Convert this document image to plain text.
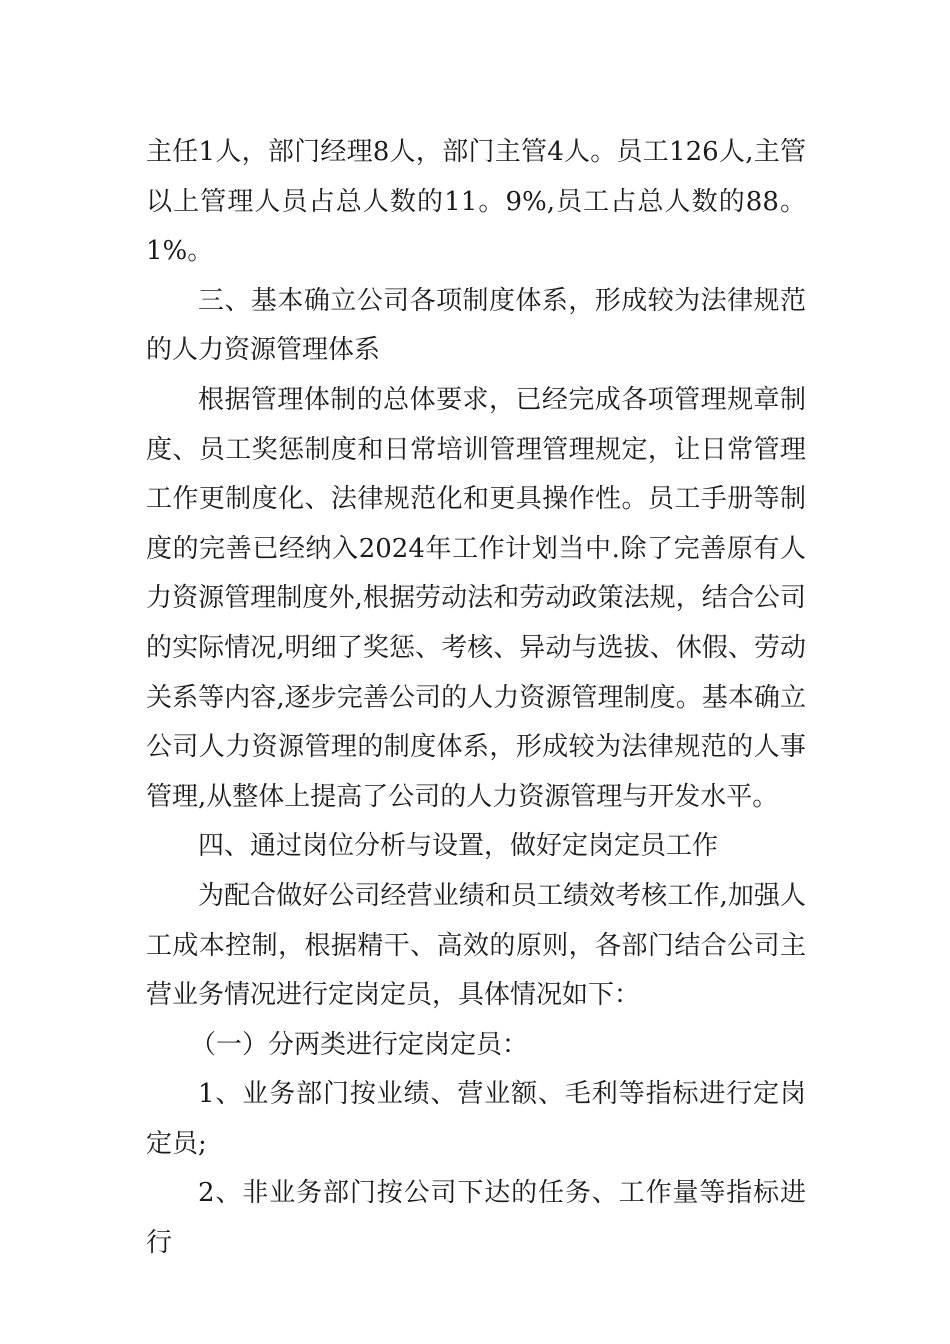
主任1人，部门经理8人，部门主管4人。员工126人,主管以上管理人员占总人数的11。9%,员工占总人数的88。1%。

三、基本确立公司各项制度体系，形成较为法律规范的人力资源管理体系

根据管理体制的总体要求，已经完成各项管理规章制度、员工奖惩制度和日常培训管理管理规定，让日常管理工作更制度化、法律规范化和更具操作性。员工手册等制度的完善已经纳入2024年工作计划当中.除了完善原有人力资源管理制度外,根据劳动法和劳动政策法规，结合公司的实际情况,明细了奖惩、考核、异动与选拔、休假、劳动关系等内容,逐步完善公司的人力资源管理制度。基本确立公司人力资源管理的制度体系，形成较为法律规范的人事管理,从整体上提高了公司的人力资源管理与开发水平。

四、通过岗位分析与设置，做好定岗定员工作

为配合做好公司经营业绩和员工绩效考核工作,加强人工成本控制，根据精干、高效的原则，各部门结合公司主营业务情况进行定岗定员，具体情况如下：

（一）分两类进行定岗定员：

1、业务部门按业绩、营业额、毛利等指标进行定岗定员;

2、非业务部门按公司下达的任务、工作量等指标进行
